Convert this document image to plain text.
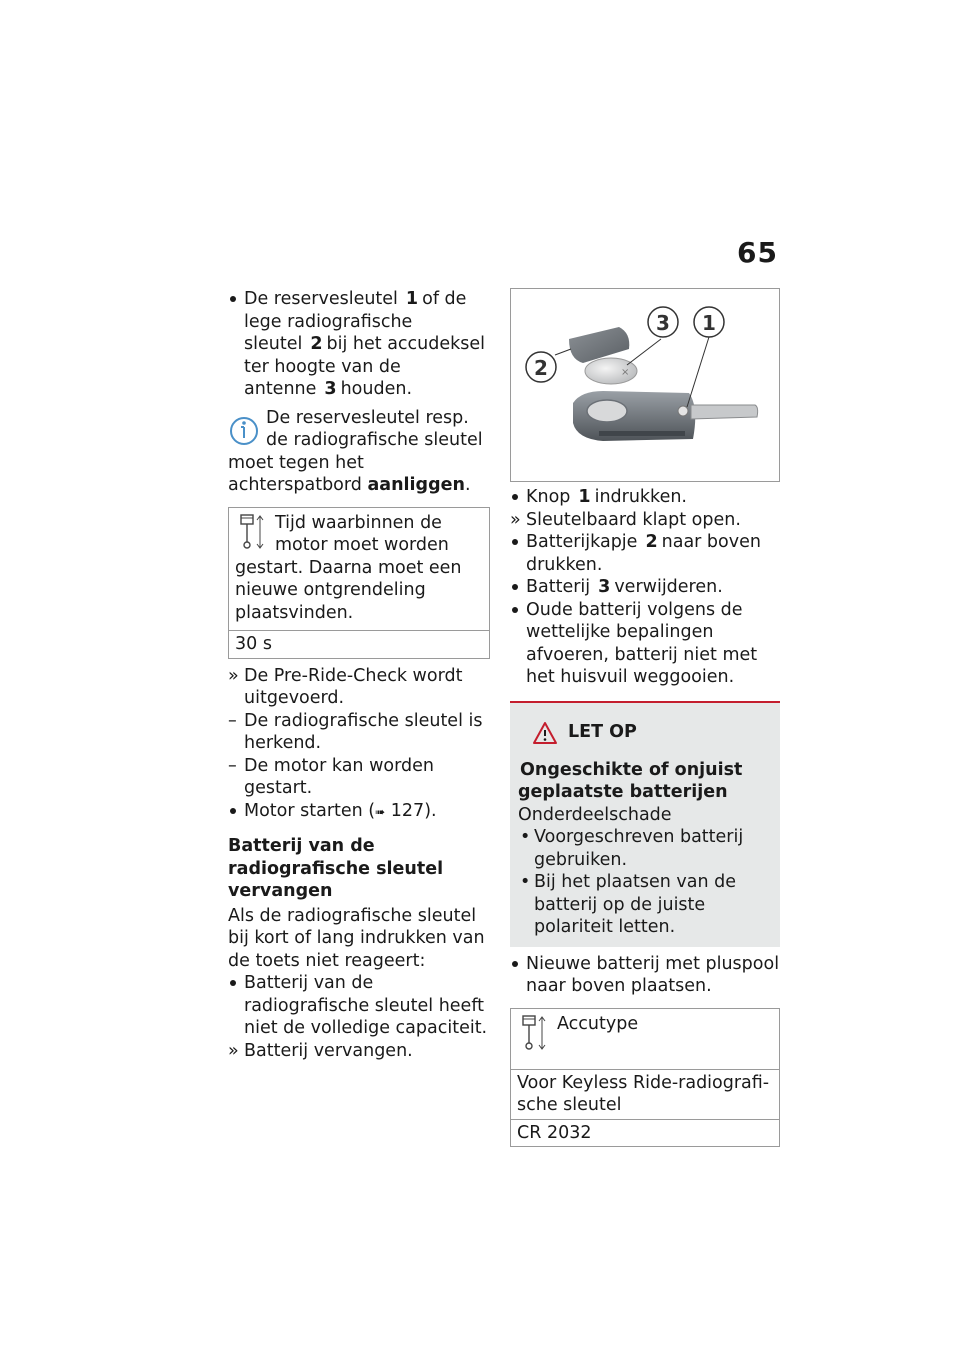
65
De reservesleutel 1 of de lege radiografische sleutel 2 bij het accudeksel ter hoogte van de antenne 3 houden.
De reservesleutel resp. de radiografische sleutel moet tegen het achterspatbord aanliggen.
Tijd waarbinnen de motor moet worden gestart. Daarna moet een nieuwe ontgrendeling plaatsvinden.
30 s
» De Pre-Ride-Check wordt uitgevoerd.
– De radiografische sleutel is herkend.
– De motor kan worden gestart.
Motor starten (➠ 127).
Batterij van de radiografische sleutel vervangen
Als de radiografische sleutel bij kort of lang indrukken van de toets niet reageert:
Batterij van de radiografische sleutel heeft niet de volledige capaciteit.
» Batterij vervangen.
×
2
3 1
Knop 1 indrukken.
» Sleutelbaard klapt open.
Batterijkapje 2 naar boven drukken.
Batterij 3 verwijderen.
Oude batterij volgens de wettelijke bepalingen afvoeren, batterij niet met het huisvuil weggooien.
LET OP
Ongeschikte of onjuist geplaatste batterijen
Onderdeelschade
• Voorgeschreven batterij gebruiken.
• Bij het plaatsen van de batterij op de juiste polariteit letten.
Nieuwe batterij met pluspool naar boven plaatsen.
Accutype
Voor Keyless Ride-radiografische sleutel
CR 2032
